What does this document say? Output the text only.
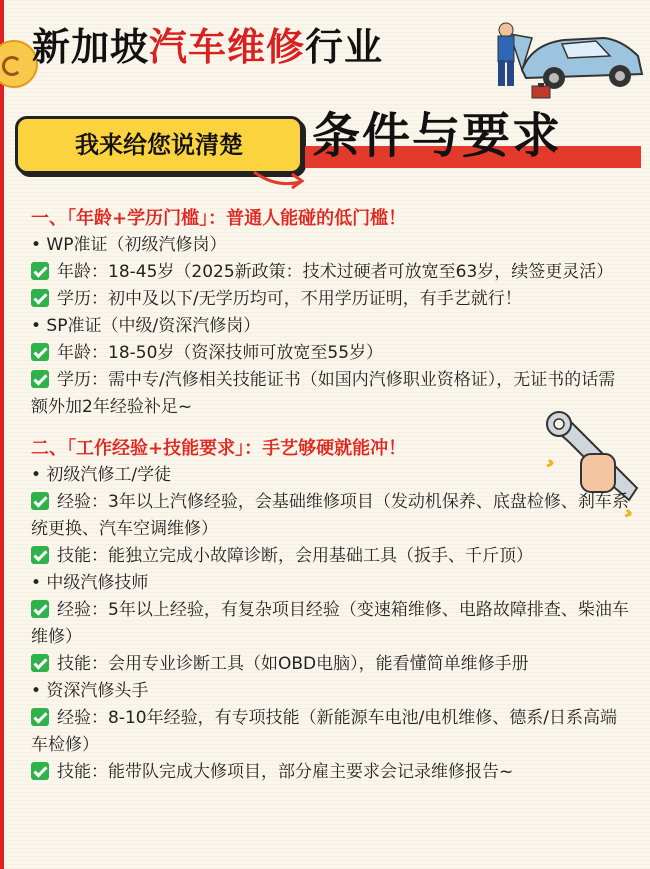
新加坡汽车维修行业
我来给您说清楚	条件与要求

一、「年龄+学历门槛」：普通人能碰的低门槛！

• WP准证（初级汽修岗）

年龄：18-45岁（2025新政策：技术过硬者可放宽至63岁，续签更灵活）

学历：初中及以下/无学历均可，不用学历证明，有手艺就行！

• SP准证（中级/资深汽修岗）

年龄：18-50岁（资深技师可放宽至55岁）

学历：需中专/汽修相关技能证书（如国内汽修职业资格证），无证书的话需额外加2年经验补足~

二、「工作经验+技能要求」：手艺够硬就能冲！

• 初级汽修工/学徒

经验：3年以上汽修经验，会基础维修项目（发动机保养、底盘检修、刹车系统更换、汽车空调维修）

技能：能独立完成小故障诊断，会用基础工具（扳手、千斤顶）

• 中级汽修技师

经验：5年以上经验，有复杂项目经验（变速箱维修、电路故障排查、柴油车维修）

技能：会用专业诊断工具（如OBD电脑），能看懂简单维修手册

• 资深汽修头手

经验：8-10年经验，有专项技能（新能源车电池/电机维修、德系/日系高端车检修）

技能：能带队完成大修项目，部分雇主要求会记录维修报告~
